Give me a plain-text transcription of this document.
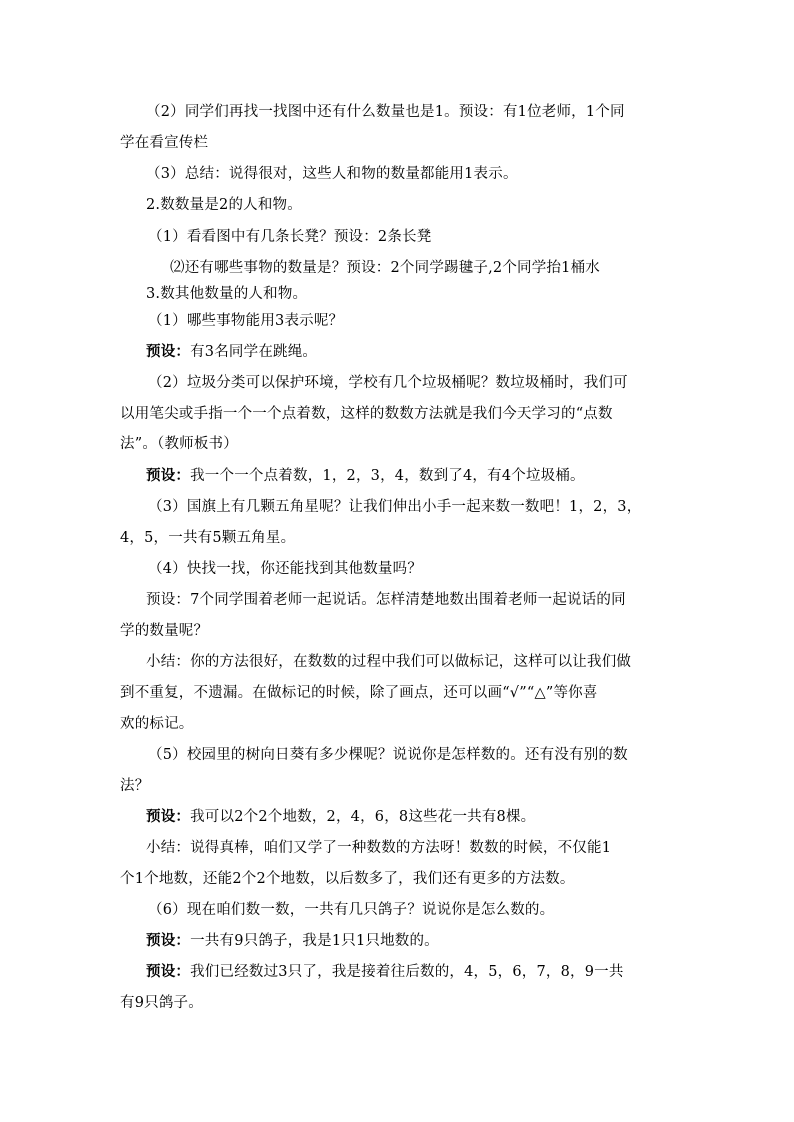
（2）同学们再找一找图中还有什么数量也是1。预设：有1位老师，1个同
学在看宣传栏
（3）总结：说得很对，这些人和物的数量都能用1表示。
2.数数量是2的人和物。
（1）看看图中有几条长凳？预设：2条长凳
⑵还有哪些事物的数量是？预设：2个同学踢毽子,2个同学抬1桶水
3.数其他数量的人和物。
（1）哪些事物能用3表示呢？
预设：有3名同学在跳绳。
（2）垃圾分类可以保护环境，学校有几个垃圾桶呢？数垃圾桶时，我们可
以用笔尖或手指一个一个点着数，这样的数数方法就是我们今天学习的“点数
法”。（教师板书）
预设：我一个一个点着数，1，2，3，4，数到了4，有4个垃圾桶。
（3）国旗上有几颗五角星呢？让我们伸出小手一起来数一数吧！1，2，3，
4，5，一共有5颗五角星。
（4）快找一找，你还能找到其他数量吗？
预设：7个同学围着老师一起说话。怎样清楚地数出围着老师一起说话的同
学的数量呢？
小结：你的方法很好，在数数的过程中我们可以做标记，这样可以让我们做
到不重复，不遗漏。在做标记的时候，除了画点，还可以画“√”“△”等你喜
欢的标记。
（5）校园里的树向日葵有多少棵呢？说说你是怎样数的。还有没有别的数
法？
预设：我可以2个2个地数，2，4，6，8这些花一共有8棵。
小结：说得真棒，咱们又学了一种数数的方法呀！数数的时候，不仅能1
个1个地数，还能2个2个地数，以后数多了，我们还有更多的方法数。
（6）现在咱们数一数，一共有几只鸽子？说说你是怎么数的。
预设：一共有9只鸽子，我是1只1只地数的。
预设：我们已经数过3只了，我是接着往后数的，4，5，6，7，8，9一共
有9只鸽子。
